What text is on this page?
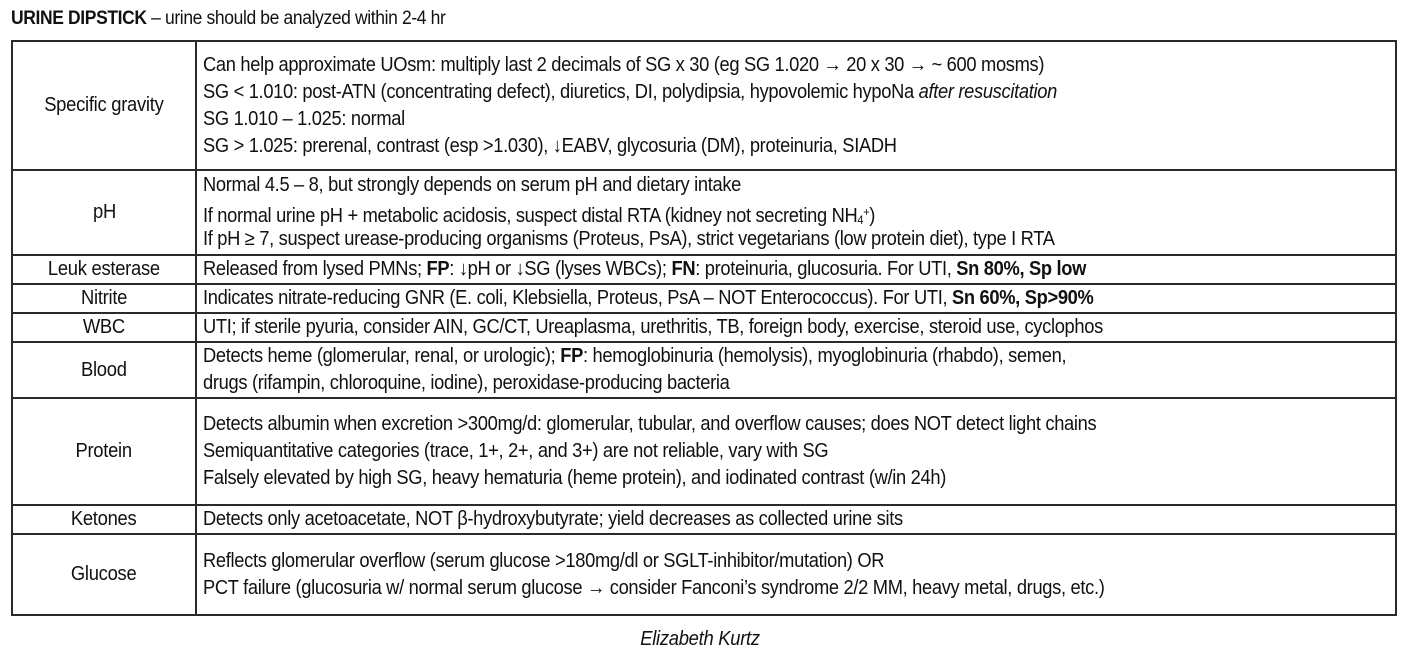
URINE DIPSTICK – urine should be analyzed within 2-4 hr
Specific gravity	Can help approximate UOsm: multiply last 2 decimals of SG x 30 (eg SG 1.020 → 20 x 30 → ~ 600 mosms)
SG < 1.010: post-ATN (concentrating defect), diuretics, DI, polydipsia, hypovolemic hypoNa after resuscitation
SG 1.010 – 1.025: normal
SG > 1.025: prerenal, contrast (esp >1.030), ↓EABV, glycosuria (DM), proteinuria, SIADH

pH	Normal 4.5 – 8, but strongly depends on serum pH and dietary intake
If normal urine pH + metabolic acidosis, suspect distal RTA (kidney not secreting $NH_4^+$)
If pH ≥ 7, suspect urease-producing organisms (Proteus, PsA), strict vegetarians (low protein diet), type I RTA

Leuk esterase	Released from lysed PMNs; FP: ↓pH or ↓SG (lyses WBCs); FN: proteinuria, glucosuria. For UTI, Sn 80%, Sp low

Nitrite	Indicates nitrate-reducing GNR (E. coli, Klebsiella, Proteus, PsA – NOT Enterococcus). For UTI, Sn 60%, Sp>90%

WBC	UTI; if sterile pyuria, consider AIN, GC/CT, Ureaplasma, urethritis, TB, foreign body, exercise, steroid use, cyclophos

Blood	Detects heme (glomerular, renal, or urologic); FP: hemoglobinuria (hemolysis), myoglobinuria (rhabdo), semen,
drugs (rifampin, chloroquine, iodine), peroxidase-producing bacteria

Protein	Detects albumin when excretion >300mg/d: glomerular, tubular, and overflow causes; does NOT detect light chains
Semiquantitative categories (trace, 1+, 2+, and 3+) are not reliable, vary with SG
Falsely elevated by high SG, heavy hematuria (heme protein), and iodinated contrast (w/in 24h)

Ketones	Detects only acetoacetate, NOT β-hydroxybutyrate; yield decreases as collected urine sits

Glucose	Reflects glomerular overflow (serum glucose >180mg/dl or SGLT-inhibitor/mutation) OR
PCT failure (glucosuria w/ normal serum glucose → consider Fanconi’s syndrome 2/2 MM, heavy metal, drugs, etc.)
Elizabeth Kurtz
